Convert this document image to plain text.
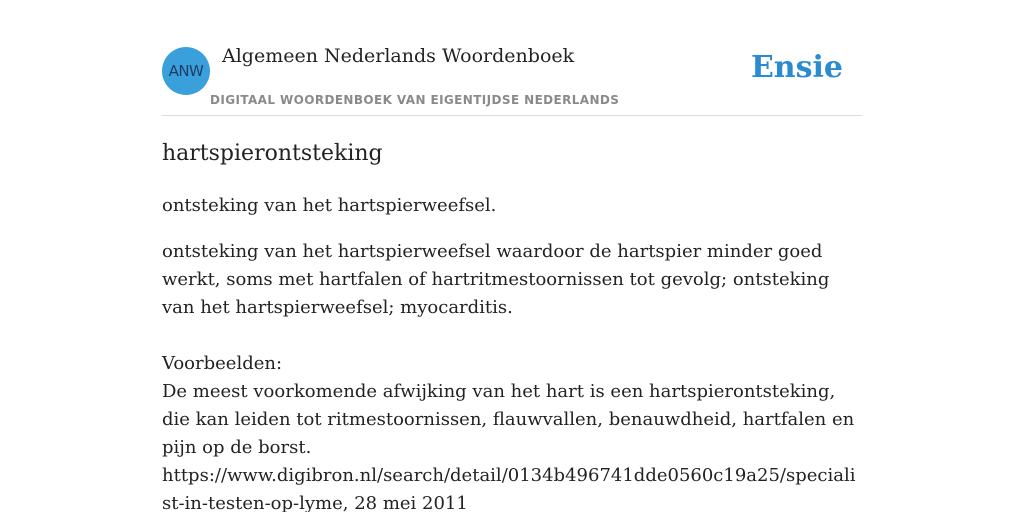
ANW
Algemeen Nederlands Woordenboek
DIGITAAL WOORDENBOEK VAN EIGENTIJDSE NEDERLANDS
Ensie
hartspierontsteking

ontsteking van het hartspierweefsel.

ontsteking van het hartspierweefsel waardoor de hartspier minder goed werkt, soms met hartfalen of hartritmestoornissen tot gevolg; ontsteking van het hartspierweefsel; myocarditis.

Voorbeelden:

De meest voorkomende afwijking van het hart is een hartspierontsteking, die kan leiden tot ritmestoornissen, flauwvallen, benauwdheid, hartfalen en pijn op de borst.

https://www.digibron.nl/search/detail/0134b496741dde0560c19a25/specialist-in-testen-op-lyme, 28 mei 2011
